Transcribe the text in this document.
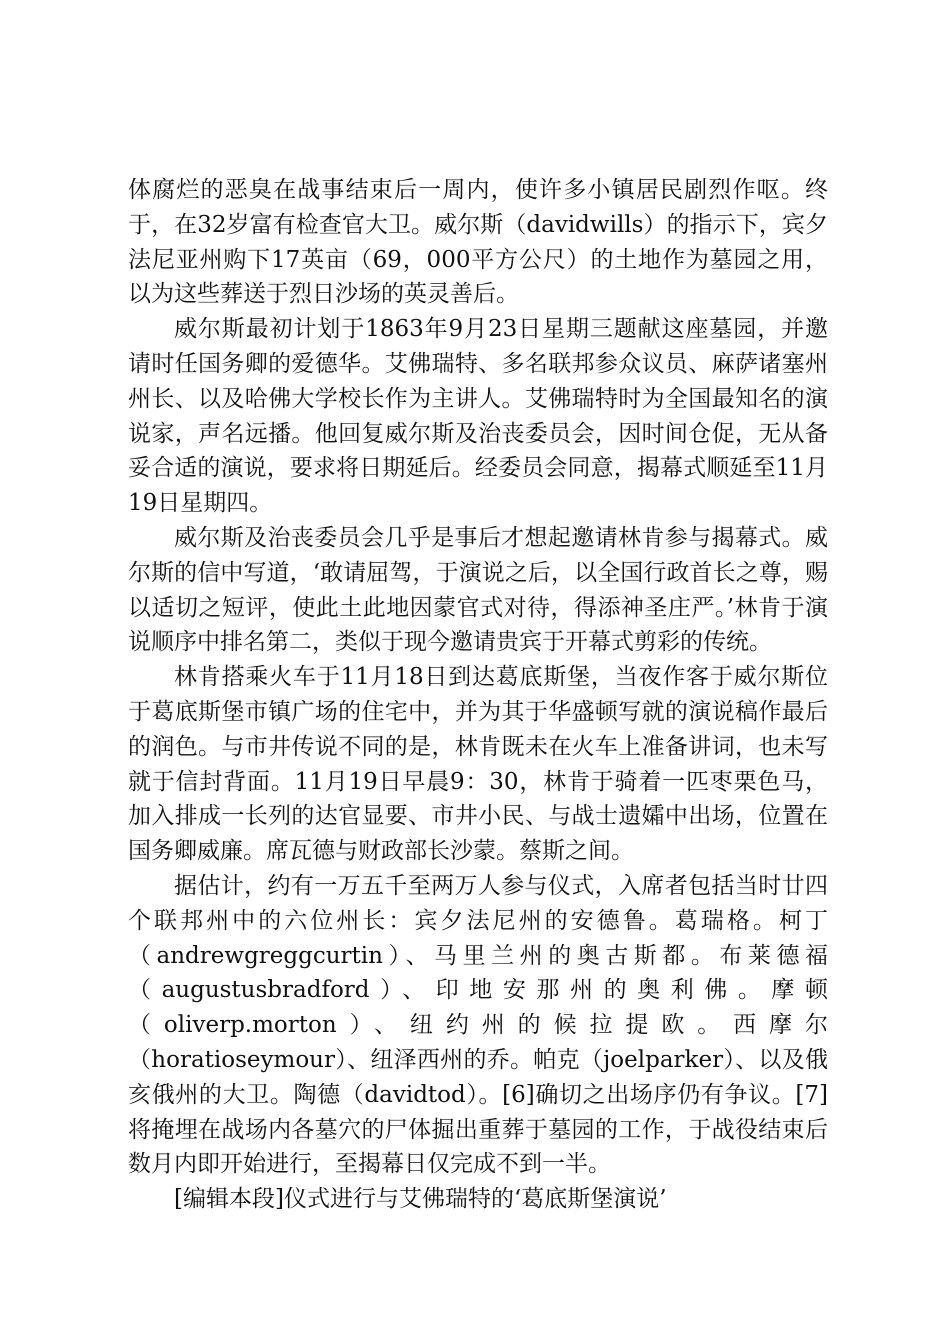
体腐烂的恶臭在战事结束后一周内，使许多小镇居民剧烈作呕。终于，在32岁富有检查官大卫。威尔斯（davidwills）的指示下，宾夕法尼亚州购下17英亩（69，000平方公尺）的土地作为墓园之用，以为这些葬送于烈日沙场的英灵善后。

威尔斯最初计划于1863年9月23日星期三题献这座墓园，并邀请时任国务卿的爱德华。艾佛瑞特、多名联邦参众议员、麻萨诸塞州州长、以及哈佛大学校长作为主讲人。艾佛瑞特时为全国最知名的演说家，声名远播。他回复威尔斯及治丧委员会，因时间仓促，无从备妥合适的演说，要求将日期延后。经委员会同意，揭幕式顺延至11月19日星期四。

威尔斯及治丧委员会几乎是事后才想起邀请林肯参与揭幕式。威尔斯的信中写道，‘敢请屈驾，于演说之后，以全国行政首长之尊，赐以适切之短评，使此土此地因蒙官式对待，得添神圣庄严。’林肯于演说顺序中排名第二，类似于现今邀请贵宾于开幕式剪彩的传统。

林肯搭乘火车于11月18日到达葛底斯堡，当夜作客于威尔斯位于葛底斯堡市镇广场的住宅中，并为其于华盛顿写就的演说稿作最后的润色。与市井传说不同的是，林肯既未在火车上准备讲词，也未写就于信封背面。11月19日早晨9：30，林肯于骑着一匹枣栗色马，加入排成一长列的达官显要、市井小民、与战士遗孀中出场，位置在国务卿威廉。席瓦德与财政部长沙蒙。蔡斯之间。

据估计，约有一万五千至两万人参与仪式，入席者包括当时廿四个联邦州中的六位州长：宾夕法尼州的安德鲁。葛瑞格。柯丁（andrewgreggcurtin）、马里兰州的奥古斯都。布莱德福（augustusbradford）、印地安那州的奥利佛。摩顿（oliverp.morton）、纽约州的候拉提欧。西摩尔（horatioseymour）、纽泽西州的乔。帕克（joelparker）、以及俄亥俄州的大卫。陶德（davidtod）。[6]确切之出场序仍有争议。[7]将掩埋在战场内各墓穴的尸体掘出重葬于墓园的工作，于战役结束后数月内即开始进行，至揭幕日仅完成不到一半。

[编辑本段]仪式进行与艾佛瑞特的‘葛底斯堡演说’
